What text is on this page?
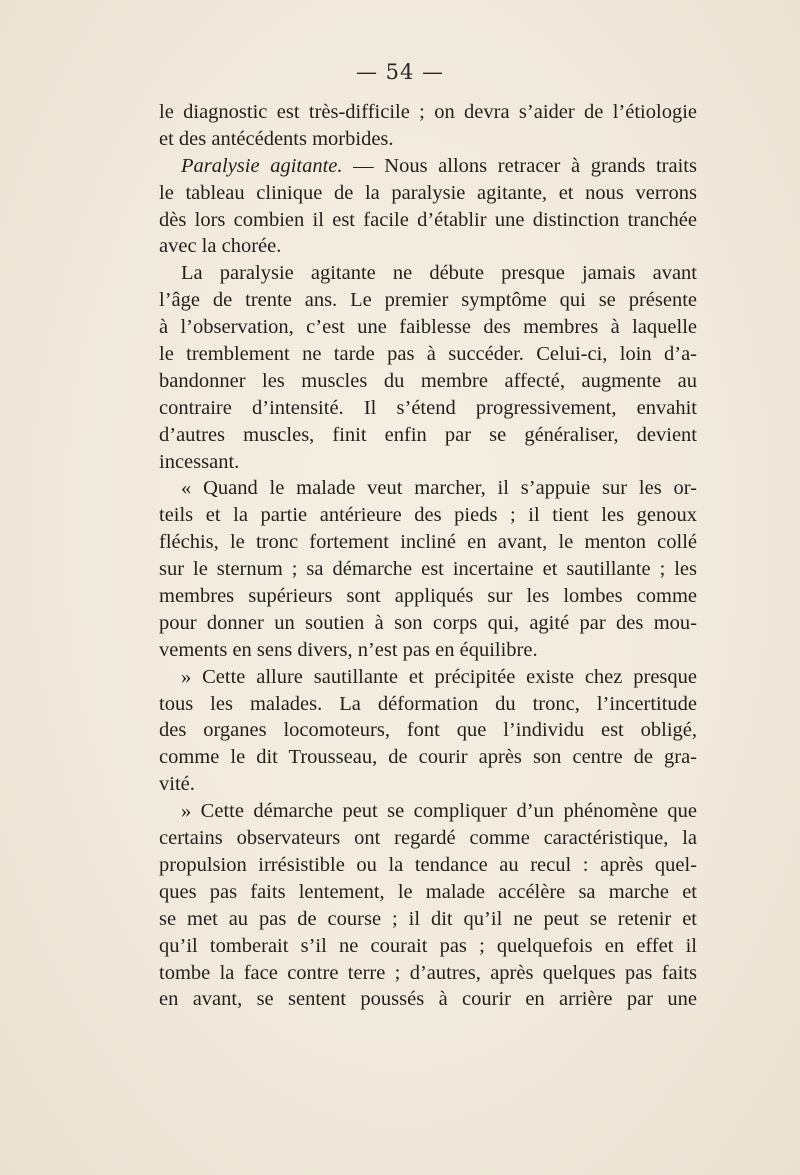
— 54 —
le diagnostic est très-difficile ; on devra s’aider de l’étiologie
et des antécédents morbides.
Paralysie agitante. — Nous allons retracer à grands traits
le tableau clinique de la paralysie agitante, et nous verrons
dès lors combien il est facile d’établir une distinction tranchée
avec la chorée.
La paralysie agitante ne débute presque jamais avant
l’âge de trente ans. Le premier symptôme qui se présente
à l’observation, c’est une faiblesse des membres à laquelle
le tremblement ne tarde pas à succéder. Celui-ci, loin d’a-
bandonner les muscles du membre affecté, augmente au
contraire d’intensité. Il s’étend progressivement, envahit
d’autres muscles, finit enfin par se généraliser, devient
incessant.
« Quand le malade veut marcher, il s’appuie sur les or-
teils et la partie antérieure des pieds ; il tient les genoux
fléchis, le tronc fortement incliné en avant, le menton collé
sur le sternum ; sa démarche est incertaine et sautillante ; les
membres supérieurs sont appliqués sur les lombes comme
pour donner un soutien à son corps qui, agité par des mou-
vements en sens divers, n’est pas en équilibre.
» Cette allure sautillante et précipitée existe chez presque
tous les malades. La déformation du tronc, l’incertitude
des organes locomoteurs, font que l’individu est obligé,
comme le dit Trousseau, de courir après son centre de gra-
vité.
» Cette démarche peut se compliquer d’un phénomène que
certains observateurs ont regardé comme caractéristique, la
propulsion irrésistible ou la tendance au recul : après quel-
ques pas faits lentement, le malade accélère sa marche et
se met au pas de course ; il dit qu’il ne peut se retenir et
qu’il tomberait s’il ne courait pas ; quelquefois en effet il
tombe la face contre terre ; d’autres, après quelques pas faits
en avant, se sentent poussés à courir en arrière par une
